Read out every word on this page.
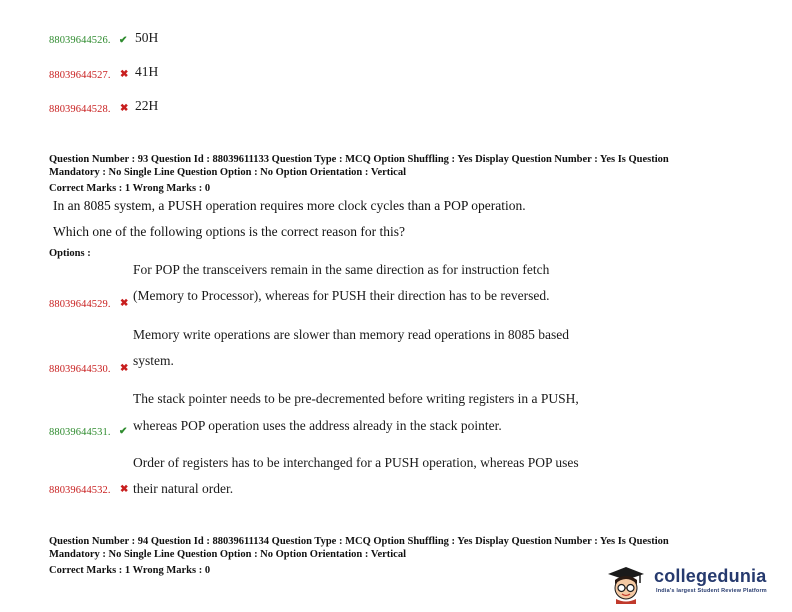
88039644526. ✔ 50H
88039644527. ✖ 41H
88039644528. ✖ 22H
Question Number : 93 Question Id : 88039611133 Question Type : MCQ Option Shuffling : Yes Display Question Number : Yes Is Question
Mandatory : No Single Line Question Option : No Option Orientation : Vertical
Correct Marks : 1 Wrong Marks : 0
In an 8085 system, a PUSH operation requires more clock cycles than a POP operation.
Which one of the following options is the correct reason for this?
Options :
For POP the transceivers remain in the same direction as for instruction fetch
88039644529. ✖
(Memory to Processor), whereas for PUSH their direction has to be reversed.
Memory write operations are slower than memory read operations in 8085 based
88039644530. ✖
system.
The stack pointer needs to be pre-decremented before writing registers in a PUSH,
88039644531. ✔ whereas POP operation uses the address already in the stack pointer.
Order of registers has to be interchanged for a PUSH operation, whereas POP uses
88039644532. ✖ their natural order.
Question Number : 94 Question Id : 88039611134 Question Type : MCQ Option Shuffling : Yes Display Question Number : Yes Is Question
Mandatory : No Single Line Question Option : No Option Orientation : Vertical
Correct Marks : 1 Wrong Marks : 0	collegedunia
India's largest Student Review Platform
